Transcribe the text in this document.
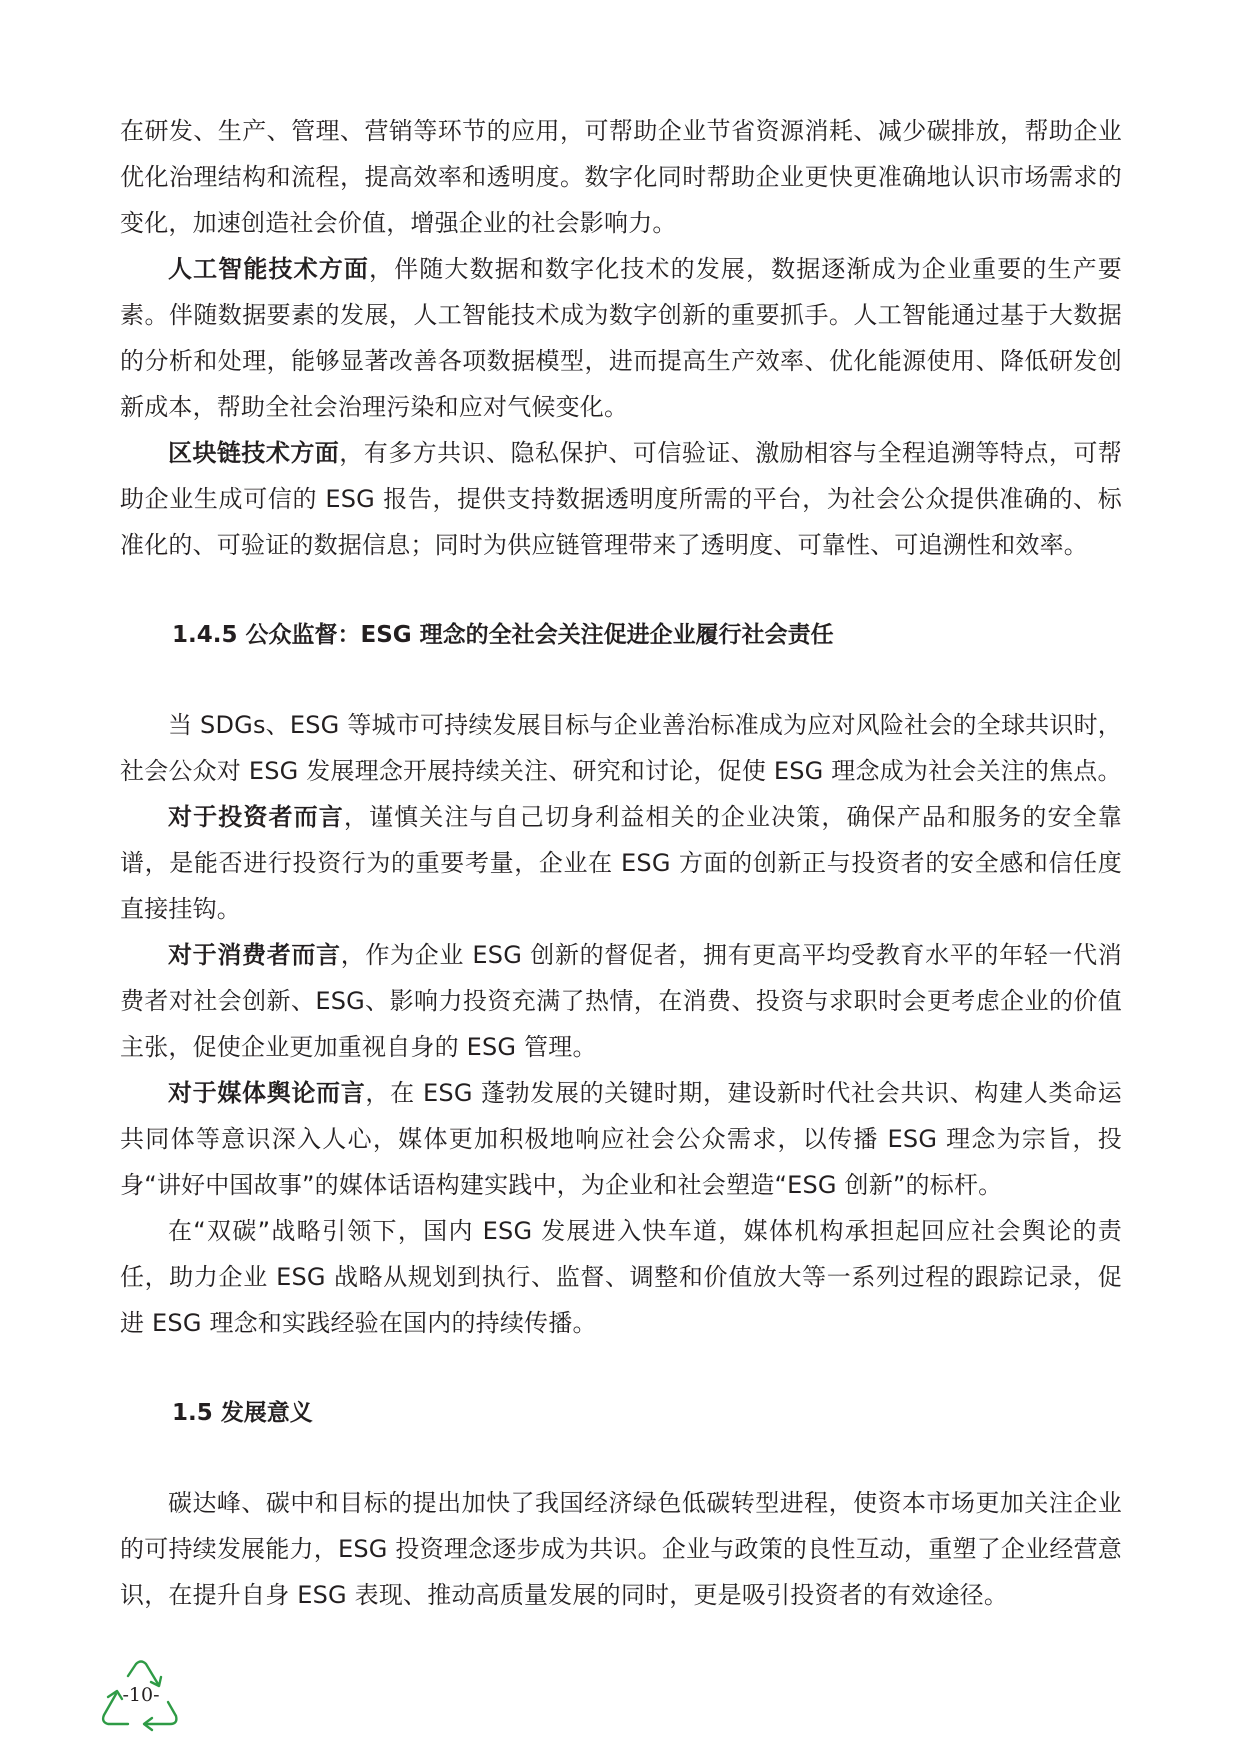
在研发、生产、管理、营销等环节的应用，可帮助企业节省资源消耗、减少碳排放，帮助企业优化治理结构和流程，提高效率和透明度。数字化同时帮助企业更快更准确地认识市场需求的变化，加速创造社会价值，增强企业的社会影响力。

人工智能技术方面，伴随大数据和数字化技术的发展，数据逐渐成为企业重要的生产要素。伴随数据要素的发展，人工智能技术成为数字创新的重要抓手。人工智能通过基于大数据的分析和处理，能够显著改善各项数据模型，进而提高生产效率、优化能源使用、降低研发创新成本，帮助全社会治理污染和应对气候变化。

区块链技术方面，有多方共识、隐私保护、可信验证、激励相容与全程追溯等特点，可帮助企业生成可信的 ESG 报告，提供支持数据透明度所需的平台，为社会公众提供准确的、标准化的、可验证的数据信息；同时为供应链管理带来了透明度、可靠性、可追溯性和效率。

1.4.5 公众监督：ESG 理念的全社会关注促进企业履行社会责任

当 SDGs、ESG 等城市可持续发展目标与企业善治标准成为应对风险社会的全球共识时，社会公众对 ESG 发展理念开展持续关注、研究和讨论，促使 ESG 理念成为社会关注的焦点。

对于投资者而言，谨慎关注与自己切身利益相关的企业决策，确保产品和服务的安全靠谱，是能否进行投资行为的重要考量，企业在 ESG 方面的创新正与投资者的安全感和信任度直接挂钩。

对于消费者而言，作为企业 ESG 创新的督促者，拥有更高平均受教育水平的年轻一代消费者对社会创新、ESG、影响力投资充满了热情，在消费、投资与求职时会更考虑企业的价值主张，促使企业更加重视自身的 ESG 管理。

对于媒体舆论而言，在 ESG 蓬勃发展的关键时期，建设新时代社会共识、构建人类命运共同体等意识深入人心，媒体更加积极地响应社会公众需求，以传播 ESG 理念为宗旨，投身“讲好中国故事”的媒体话语构建实践中，为企业和社会塑造“ESG 创新”的标杆。

在“双碳”战略引领下，国内 ESG 发展进入快车道，媒体机构承担起回应社会舆论的责任，助力企业 ESG 战略从规划到执行、监督、调整和价值放大等一系列过程的跟踪记录，促进 ESG 理念和实践经验在国内的持续传播。

1.5 发展意义

碳达峰、碳中和目标的提出加快了我国经济绿色低碳转型进程，使资本市场更加关注企业的可持续发展能力，ESG 投资理念逐步成为共识。企业与政策的良性互动，重塑了企业经营意识，在提升自身 ESG 表现、推动高质量发展的同时，更是吸引投资者的有效途径。

-10-
